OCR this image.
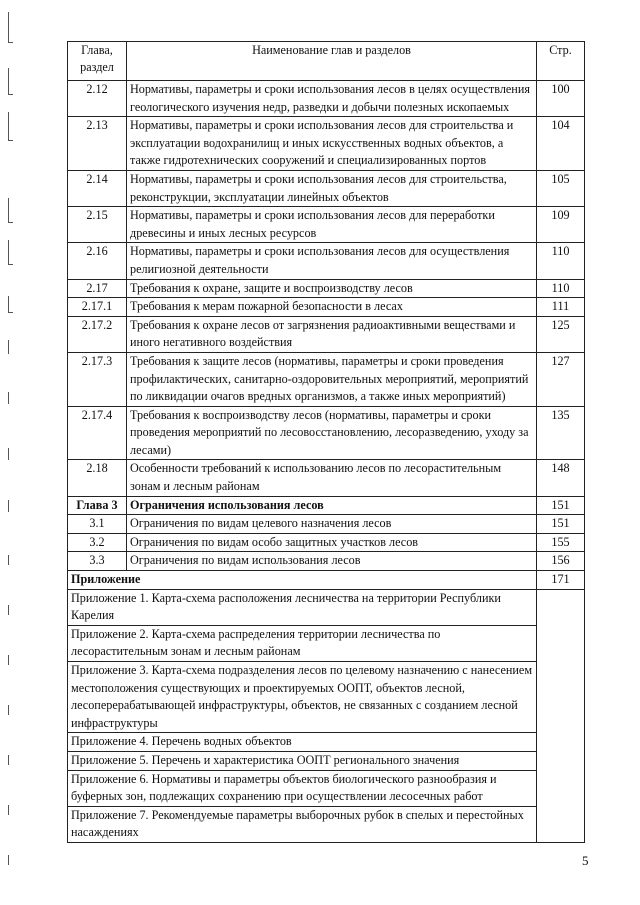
Глава, раздел	Наименование глав и разделов	Стр.
2.12	Нормативы, параметры и сроки использования лесов в целях осуществления геологического изучения недр, разведки и добычи полезных ископаемых	100
2.13	Нормативы, параметры и сроки использования лесов для строительства и эксплуатации водохранилищ и иных искусственных водных объектов, а также гидротехнических сооружений и специализированных портов	104
2.14	Нормативы, параметры и сроки использования лесов для строительства, реконструкции, эксплуатации линейных объектов	105
2.15	Нормативы, параметры и сроки использования лесов для переработки древесины и иных лесных ресурсов	109
2.16	Нормативы, параметры и сроки использования лесов для осуществления религиозной деятельности	110
2.17	Требования к охране, защите и воспроизводству лесов	110
2.17.1	Требования к мерам пожарной безопасности в лесах	111
2.17.2	Требования к охране лесов от загрязнения радиоактивными веществами и иного негативного воздействия	125
2.17.3	Требования к защите лесов (нормативы, параметры и сроки проведения профилактических, санитарно-оздоровительных мероприятий, мероприятий по ликвидации очагов вредных организмов, а также иных мероприятий)	127
2.17.4	Требования к воспроизводству лесов (нормативы, параметры и сроки проведения мероприятий по лесовосстановлению, лесоразведению, уходу за лесами)	135
2.18	Особенности требований к использованию лесов по лесорастительным зонам и лесным районам	148
Глава 3	Ограничения использования лесов	151
3.1	Ограничения по видам целевого назначения лесов	151
3.2	Ограничения по видам особо защитных участков лесов	155
3.3	Ограничения по видам использования лесов	156
Приложение		171
Приложение 1. Карта-схема расположения лесничества на территории Республики Карелия		
Приложение 2. Карта-схема распределения территории лесничества по лесорастительным зонам и лесным районам		
Приложение 3. Карта-схема подразделения лесов по целевому назначению с нанесением местоположения существующих и проектируемых ООПТ, объектов лесной, лесоперерабатывающей инфраструктуры, объектов, не связанных с созданием лесной инфраструктуры		
Приложение 4. Перечень водных объектов		
Приложение 5. Перечень и характеристика ООПТ регионального значения		
Приложение 6. Нормативы и параметры объектов биологического разнообразия и буферных зон, подлежащих сохранению при осуществлении лесосечных работ		
Приложение 7. Рекомендуемые параметры выборочных рубок в спелых и перестойных насаждениях		
5
